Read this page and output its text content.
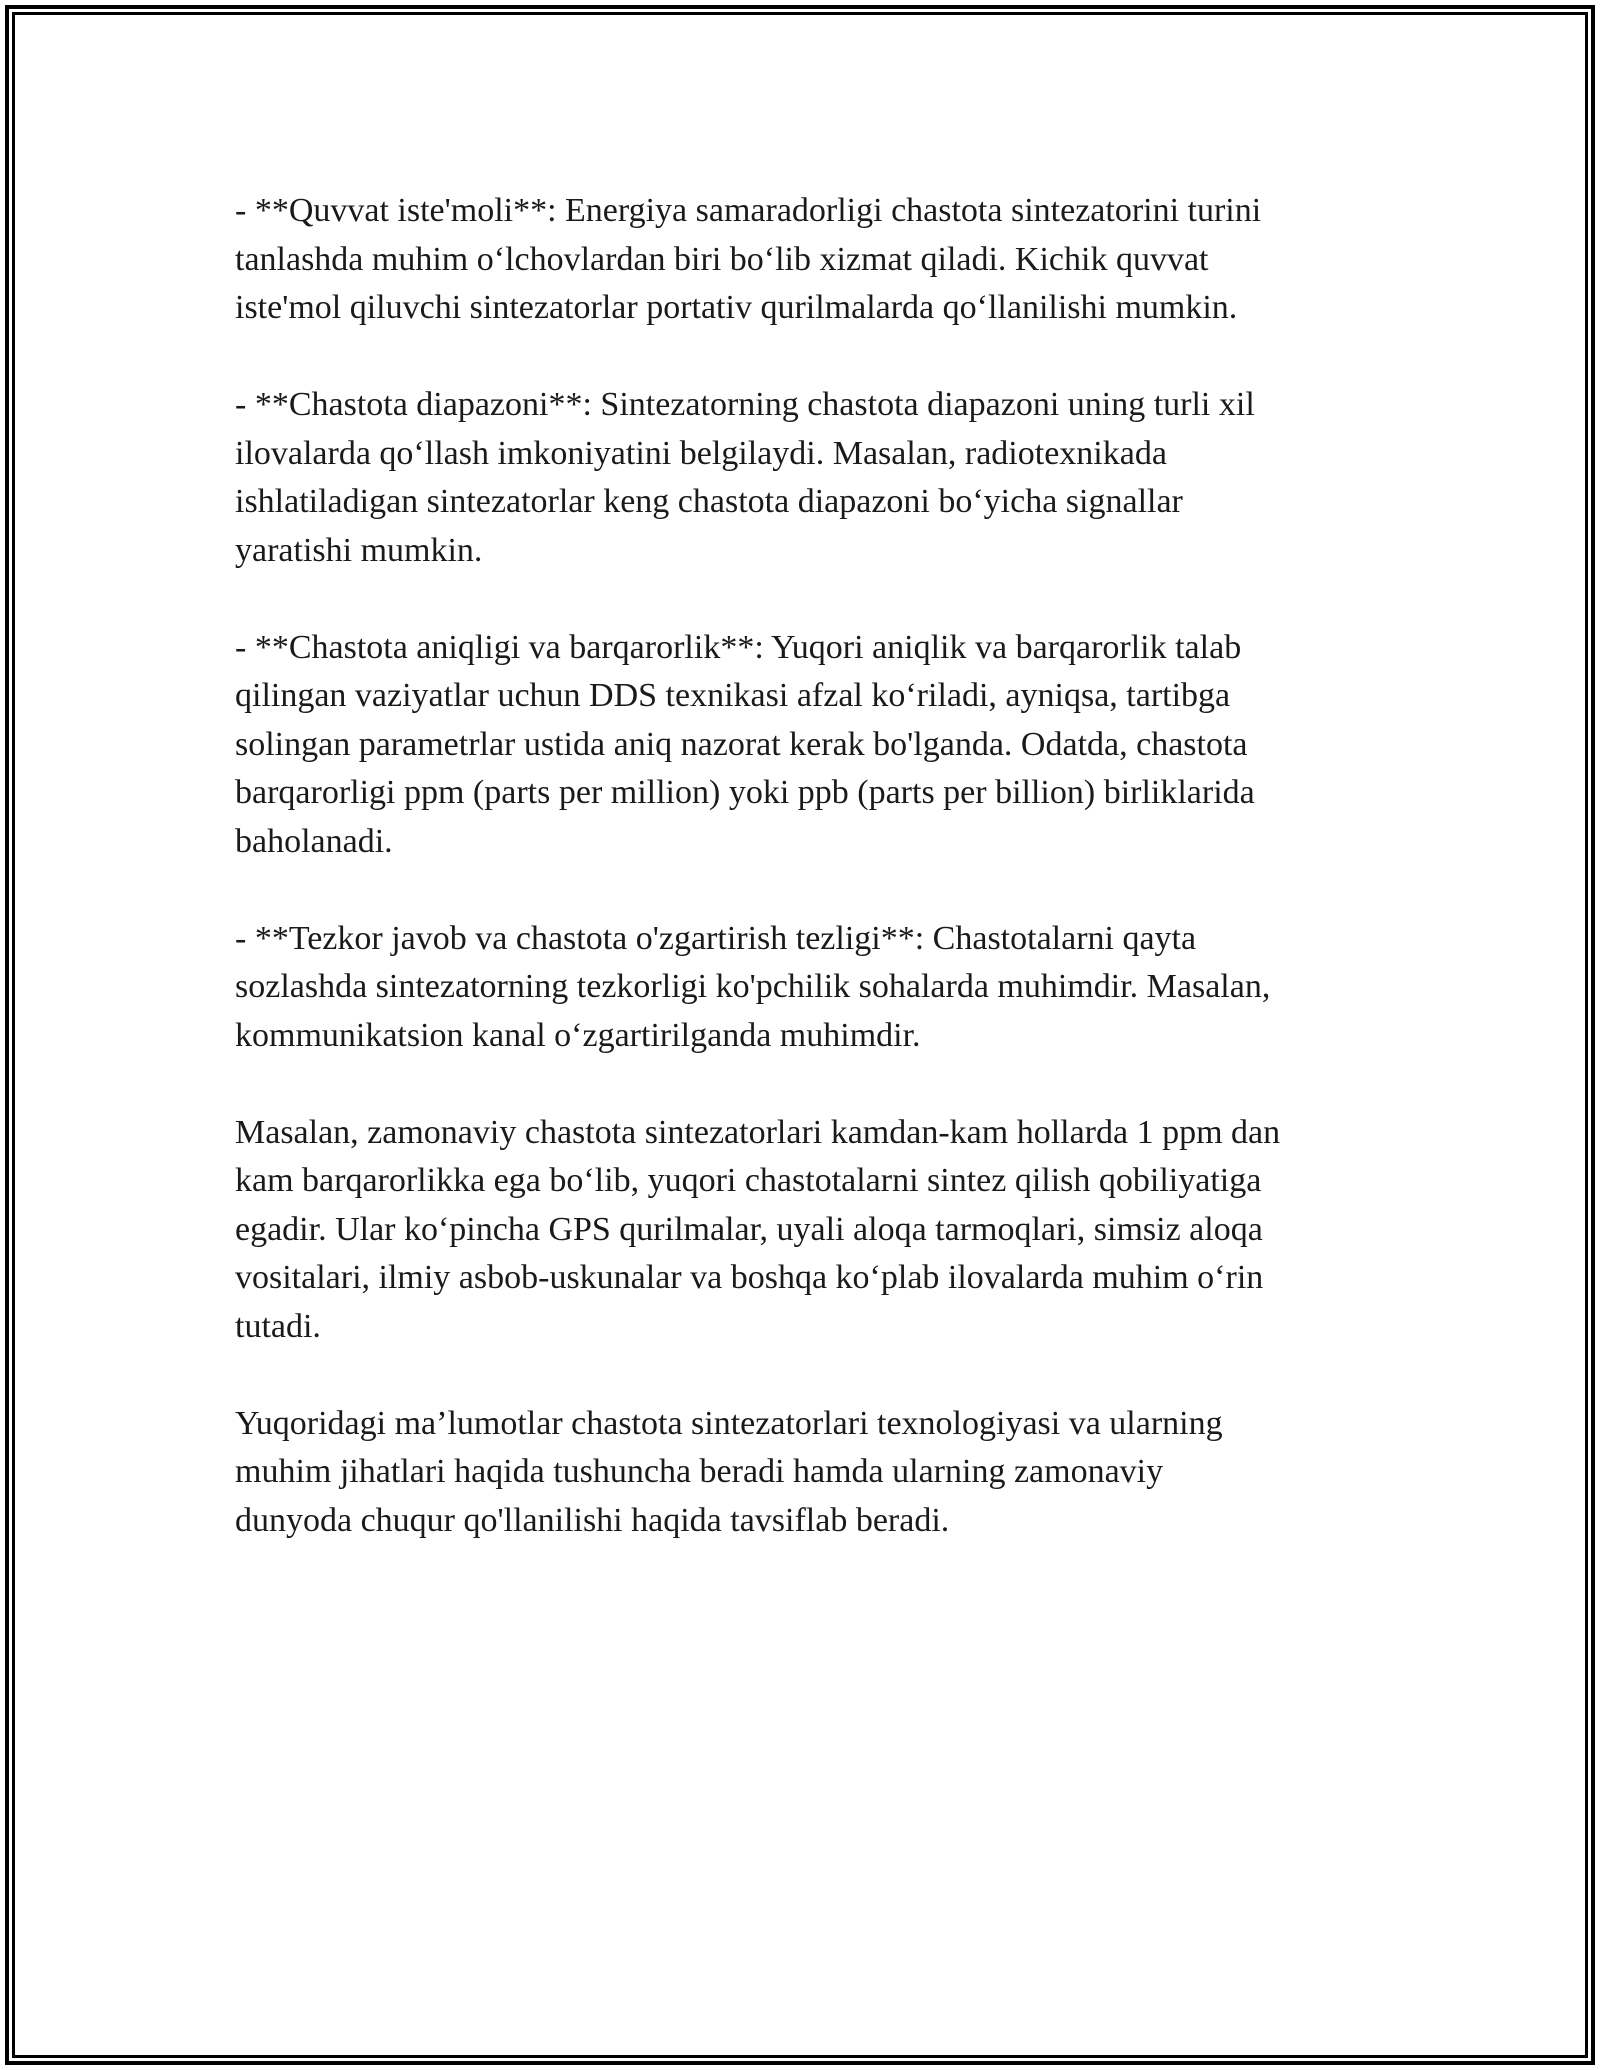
- **Quvvat iste'moli**: Energiya samaradorligi chastota sintezatorini turini
tanlashda muhim o‘lchovlardan biri bo‘lib xizmat qiladi. Kichik quvvat
iste'mol qiluvchi sintezatorlar portativ qurilmalarda qo‘llanilishi mumkin.

- **Chastota diapazoni**: Sintezatorning chastota diapazoni uning turli xil
ilovalarda qo‘llash imkoniyatini belgilaydi. Masalan, radiotexnikada
ishlatiladigan sintezatorlar keng chastota diapazoni bo‘yicha signallar
yaratishi mumkin.

- **Chastota aniqligi va barqarorlik**: Yuqori aniqlik va barqarorlik talab
qilingan vaziyatlar uchun DDS texnikasi afzal ko‘riladi, ayniqsa, tartibga
solingan parametrlar ustida aniq nazorat kerak bo'lganda. Odatda, chastota
barqarorligi ppm (parts per million) yoki ppb (parts per billion) birliklarida
baholanadi.

- **Tezkor javob va chastota o'zgartirish tezligi**: Chastotalarni qayta
sozlashda sintezatorning tezkorligi ko'pchilik sohalarda muhimdir. Masalan,
kommunikatsion kanal o‘zgartirilganda muhimdir.

Masalan, zamonaviy chastota sintezatorlari kamdan-kam hollarda 1 ppm dan
kam barqarorlikka ega bo‘lib, yuqori chastotalarni sintez qilish qobiliyatiga
egadir. Ular ko‘pincha GPS qurilmalar, uyali aloqa tarmoqlari, simsiz aloqa
vositalari, ilmiy asbob-uskunalar va boshqa ko‘plab ilovalarda muhim o‘rin
tutadi.

Yuqoridagi ma’lumotlar chastota sintezatorlari texnologiyasi va ularning
muhim jihatlari haqida tushuncha beradi hamda ularning zamonaviy
dunyoda chuqur qo'llanilishi haqida tavsiflab beradi.
